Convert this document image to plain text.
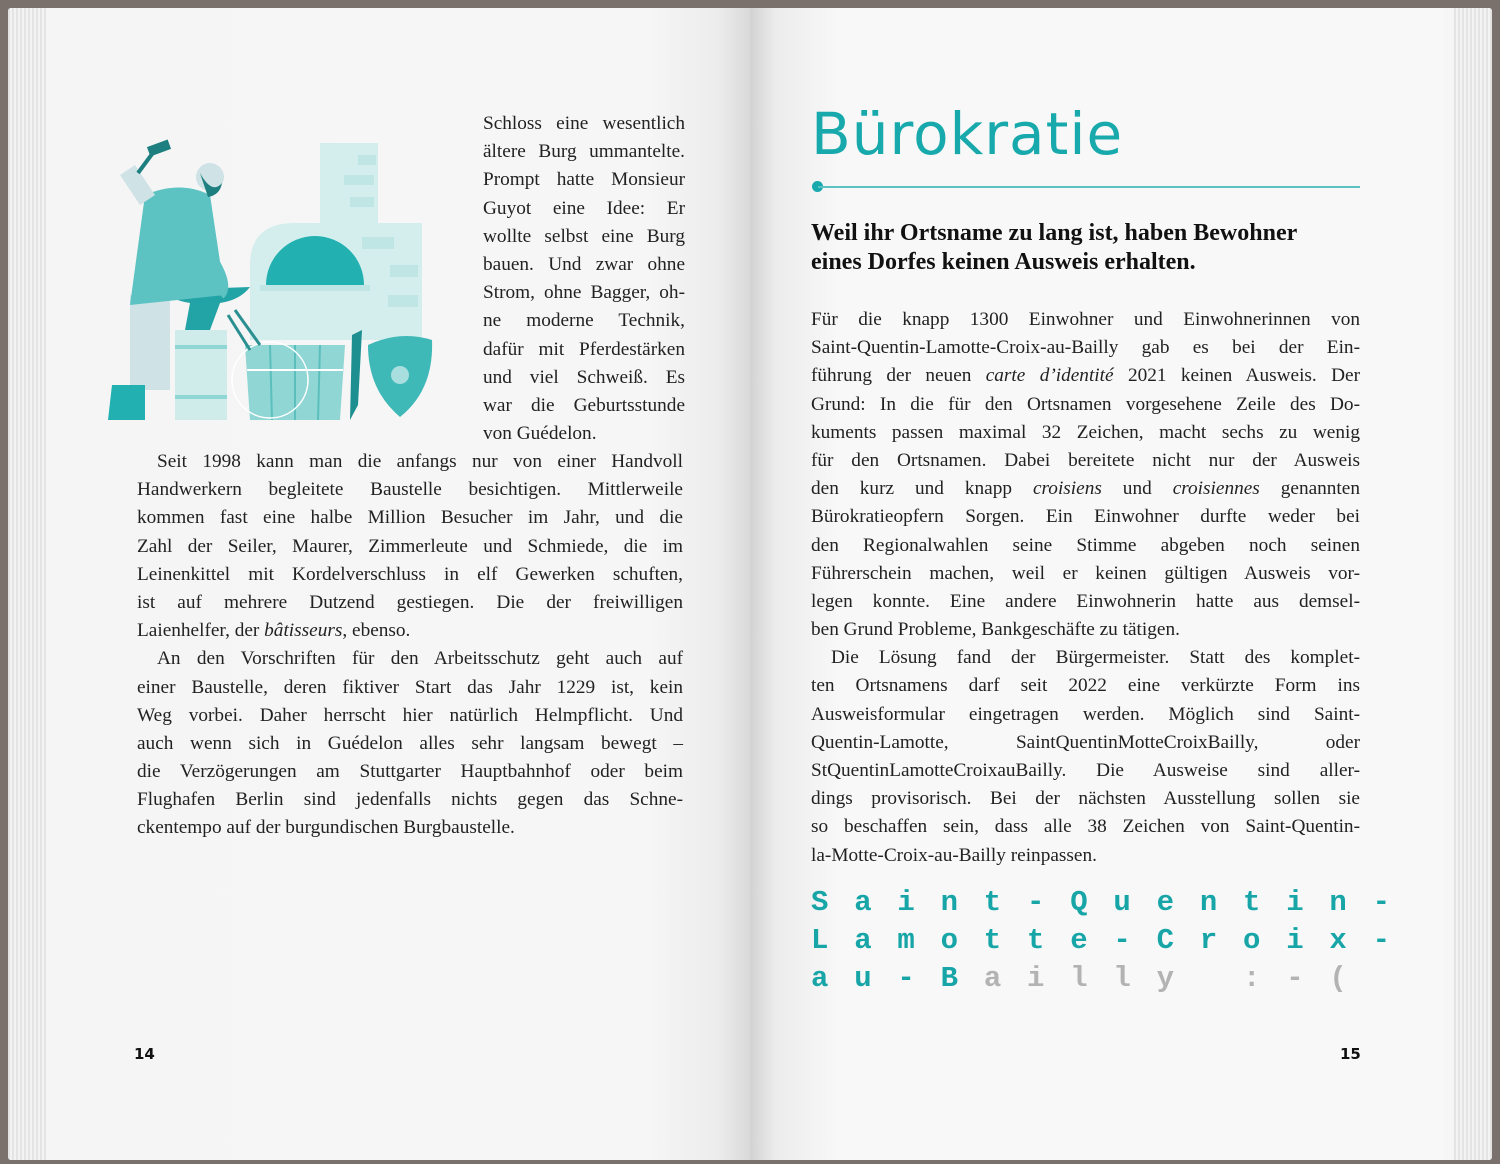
Schloss eine wesentlich
ältere Burg ummantelte.
Prompt hatte Monsieur
Guyot eine Idee: Er
wollte selbst eine Burg
bauen. Und zwar ohne
Strom, ohne Bagger, oh-
ne moderne Technik,
dafür mit Pferdestärken
und viel Schweiß. Es
war die Geburtsstunde
von Guédelon.
Seit 1998 kann man die anfangs nur von einer Handvoll
Handwerkern begleitete Baustelle besichtigen. Mittlerweile
kommen fast eine halbe Million Besucher im Jahr, und die
Zahl der Seiler, Maurer, Zimmerleute und Schmiede, die im
Leinenkittel mit Kordelverschluss in elf Gewerken schuften,
ist auf mehrere Dutzend gestiegen. Die der freiwilligen
Laienhelfer, der bâtisseurs, ebenso.
An den Vorschriften für den Arbeitsschutz geht auch auf
einer Baustelle, deren fiktiver Start das Jahr 1229 ist, kein
Weg vorbei. Daher herrscht hier natürlich Helmpflicht. Und
auch wenn sich in Guédelon alles sehr langsam bewegt –
die Verzögerungen am Stuttgarter Hauptbahnhof oder beim
Flughafen Berlin sind jedenfalls nichts gegen das Schne-
ckentempo auf der burgundischen Burgbaustelle.
14
Bürokratie
Weil ihr Ortsname zu lang ist, haben Bewohner
eines Dorfes keinen Ausweis erhalten.
Für die knapp 1300 Einwohner und Einwohnerinnen von
Saint-Quentin-Lamotte-Croix-au-Bailly gab es bei der Ein-
führung der neuen carte d’identité 2021 keinen Ausweis. Der
Grund: In die für den Ortsnamen vorgesehene Zeile des Do-
kuments passen maximal 32 Zeichen, macht sechs zu wenig
für den Ortsnamen. Dabei bereitete nicht nur der Ausweis
den kurz und knapp croisiens und croisiennes genannten
Bürokratieopfern Sorgen. Ein Einwohner durfte weder bei
den Regionalwahlen seine Stimme abgeben noch seinen
Führerschein machen, weil er keinen gültigen Ausweis vor-
legen konnte. Eine andere Einwohnerin hatte aus demsel-
ben Grund Probleme, Bankgeschäfte zu tätigen.
Die Lösung fand der Bürgermeister. Statt des komplet-
ten Ortsnamens darf seit 2022 eine verkürzte Form ins
Ausweisformular eingetragen werden. Möglich sind Saint-
Quentin-Lamotte, SaintQuentinMotteCroixBailly, oder
StQuentinLamotteCroixauBailly. Die Ausweise sind aller-
dings provisorisch. Bei der nächsten Ausstellung sollen sie
so beschaffen sein, dass alle 38 Zeichen von Saint-Quentin-
la-Motte-Croix-au-Bailly reinpassen.
Saint-Quentin-
Lamotte-Croix-
au-Bailly :-(
15
